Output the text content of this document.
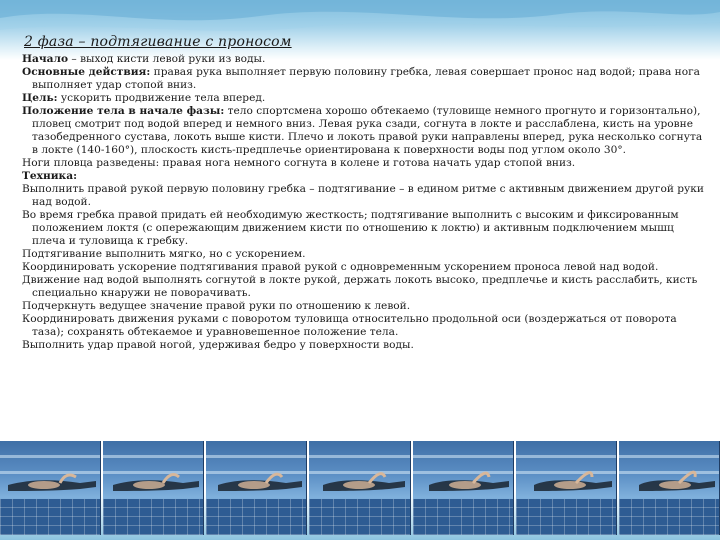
2 фаза – подтягивание с проносом

Начало – выход кисти левой руки из воды.

Основные действия: правая рука выполняет первую половину гребка, левая совершает пронос над водой; права нога выполняет удар стопой вниз.

Цель: ускорить продвижение тела вперед.

Положение тела в начале фазы: тело спортсмена хорошо обтекаемо (туловище немного прогнуто и горизонтально), пловец смотрит под водой вперед и немного вниз. Левая рука сзади, согнута в локте и расслаблена, кисть на уровне тазобедренного сустава, локоть выше кисти. Плечо и локоть правой руки направлены вперед, рука несколько согнута в локте (140-160°), плоскость кисть-предплечье ориентирована к поверхности воды под углом около 30°.

Ноги пловца разведены: правая нога немного согнута в колене и готова начать удар стопой вниз.

Техника:

Выполнить правой рукой первую половину гребка – подтягивание – в едином ритме с активным движением другой руки над водой.

Во время гребка правой придать ей необходимую жесткость; подтягивание выполнить с высоким и фиксированным положением локтя (с опережающим движением кисти по отношению к локтю) и активным подключением мышц плеча и туловища к гребку.

Подтягивание выполнить мягко, но с ускорением.

Координировать ускорение подтягивания правой рукой с одновременным ускорением проноса левой над водой.

Движение над водой выполнять согнутой в локте рукой, держать локоть высоко, предплечье и кисть расслабить, кисть специально кнаружи не поворачивать.

Подчеркнуть ведущее значение правой руки по отношению к левой.

Координировать движения руками с поворотом туловища относительно продольной оси (воздержаться от поворота таза); сохранять обтекаемое и уравновешенное положение тела.

Выполнить удар правой ногой, удерживая бедро у поверхности воды.
